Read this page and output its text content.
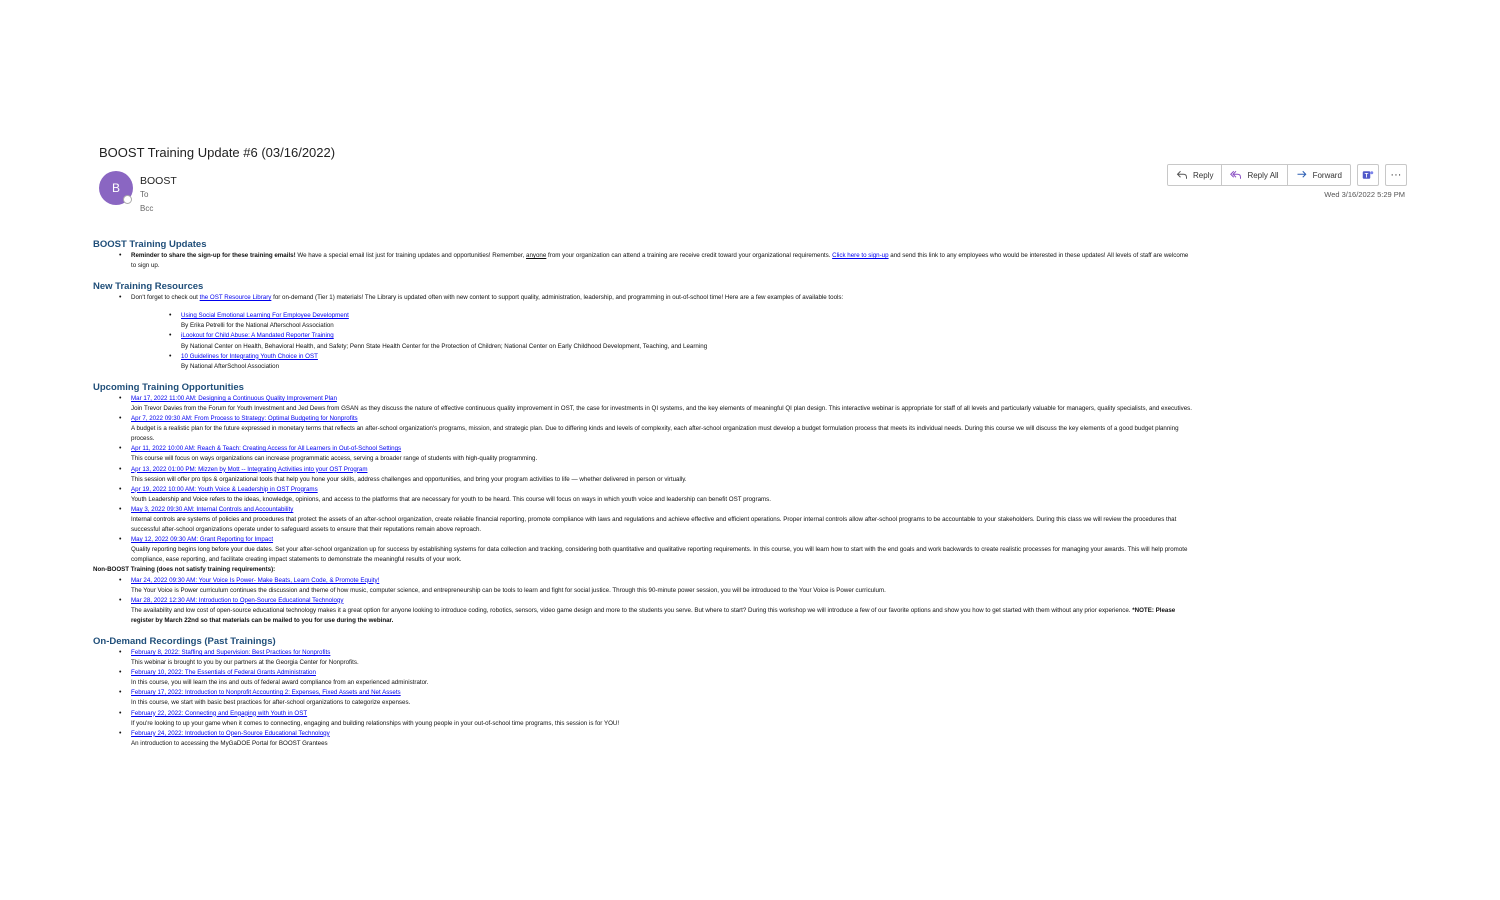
BOOST Training Update #6 (03/16/2022)
B	BOOST
To
Bcc
Reply	Reply All	Forward	T	···
Wed 3/16/2022 5:29 PM
BOOST Training Updates
• Reminder to share the sign-up for these training emails! We have a special email list just for training updates and opportunities! Remember, anyone from your organization can attend a training are receive credit toward your organizational requirements. Click here to sign-up and send this link to any employees who would be interested in these updates! All levels of staff are welcome to sign up.
New Training Resources
• Don't forget to check out the OST Resource Library for on-demand (Tier 1) materials! The Library is updated often with new content to support quality, administration, leadership, and programming in out-of-school time! Here are a few examples of available tools:
• Using Social Emotional Learning For Employee Development
By Erika Petrelli for the National Afterschool Association
• iLookout for Child Abuse: A Mandated Reporter Training
By National Center on Health, Behavioral Health, and Safety; Penn State Health Center for the Protection of Children; National Center on Early Childhood Development, Teaching, and Learning
• 10 Guidelines for Integrating Youth Choice in OST
By National AfterSchool Association
Upcoming Training Opportunities
• Mar 17, 2022 11:00 AM: Designing a Continuous Quality Improvement Plan
Join Trevor Davies from the Forum for Youth Investment and Jed Dews from GSAN as they discuss the nature of effective continuous quality improvement in OST, the case for investments in QI systems, and the key elements of meaningful QI plan design. This interactive webinar is appropriate for staff of all levels and particularly valuable for managers, quality specialists, and executives.
• Apr 7, 2022 09:30 AM: From Process to Strategy: Optimal Budgeting for Nonprofits
A budget is a realistic plan for the future expressed in monetary terms that reflects an after-school organization's programs, mission, and strategic plan. Due to differing kinds and levels of complexity, each after-school organization must develop a budget formulation process that meets its individual needs. During this course we will discuss the key elements of a good budget planning process.
• Apr 11, 2022 10:00 AM: Reach & Teach: Creating Access for All Learners in Out-of-School Settings
This course will focus on ways organizations can increase programmatic access, serving a broader range of students with high-quality programming.
• Apr 13, 2022 01:00 PM: Mizzen by Mott -- Integrating Activities into your OST Program
This session will offer pro tips & organizational tools that help you hone your skills, address challenges and opportunities, and bring your program activities to life — whether delivered in person or virtually.
• Apr 19, 2022 10:00 AM: Youth Voice & Leadership in OST Programs
Youth Leadership and Voice refers to the ideas, knowledge, opinions, and access to the platforms that are necessary for youth to be heard. This course will focus on ways in which youth voice and leadership can benefit OST programs.
• May 3, 2022 09:30 AM: Internal Controls and Accountability
Internal controls are systems of policies and procedures that protect the assets of an after-school organization, create reliable financial reporting, promote compliance with laws and regulations and achieve effective and efficient operations. Proper internal controls allow after-school programs to be accountable to your stakeholders. During this class we will review the procedures that successful after-school organizations operate under to safeguard assets to ensure that their reputations remain above reproach.
• May 12, 2022 09:30 AM: Grant Reporting for Impact
Quality reporting begins long before your due dates. Set your after-school organization up for success by establishing systems for data collection and tracking, considering both quantitative and qualitative reporting requirements. In this course, you will learn how to start with the end goals and work backwards to create realistic processes for managing your awards. This will help promote compliance, ease reporting, and facilitate creating impact statements to demonstrate the meaningful results of your work.
Non-BOOST Training (does not satisfy training requirements):
• Mar 24, 2022 09:30 AM: Your Voice Is Power- Make Beats, Learn Code, & Promote Equity!
The Your Voice is Power curriculum continues the discussion and theme of how music, computer science, and entrepreneurship can be tools to learn and fight for social justice. Through this 90-minute power session, you will be introduced to the Your Voice is Power curriculum.
• Mar 28, 2022 12:30 AM: Introduction to Open-Source Educational Technology
The availability and low cost of open-source educational technology makes it a great option for anyone looking to introduce coding, robotics, sensors, video game design and more to the students you serve. But where to start? During this workshop we will introduce a few of our favorite options and show you how to get started with them without any prior experience. *NOTE: Please register by March 22nd so that materials can be mailed to you for use during the webinar.
On-Demand Recordings (Past Trainings)
• February 8, 2022: Staffing and Supervision: Best Practices for Nonprofits
This webinar is brought to you by our partners at the Georgia Center for Nonprofits.
• February 10, 2022: The Essentials of Federal Grants Administration
In this course, you will learn the ins and outs of federal award compliance from an experienced administrator.
• February 17, 2022: Introduction to Nonprofit Accounting 2: Expenses, Fixed Assets and Net Assets
In this course, we start with basic best practices for after-school organizations to categorize expenses.
• February 22, 2022: Connecting and Engaging with Youth in OST
If you're looking to up your game when it comes to connecting, engaging and building relationships with young people in your out-of-school time programs, this session is for YOU!
• February 24, 2022: Introduction to Open-Source Educational Technology
An introduction to accessing the MyGaDOE Portal for BOOST Grantees
